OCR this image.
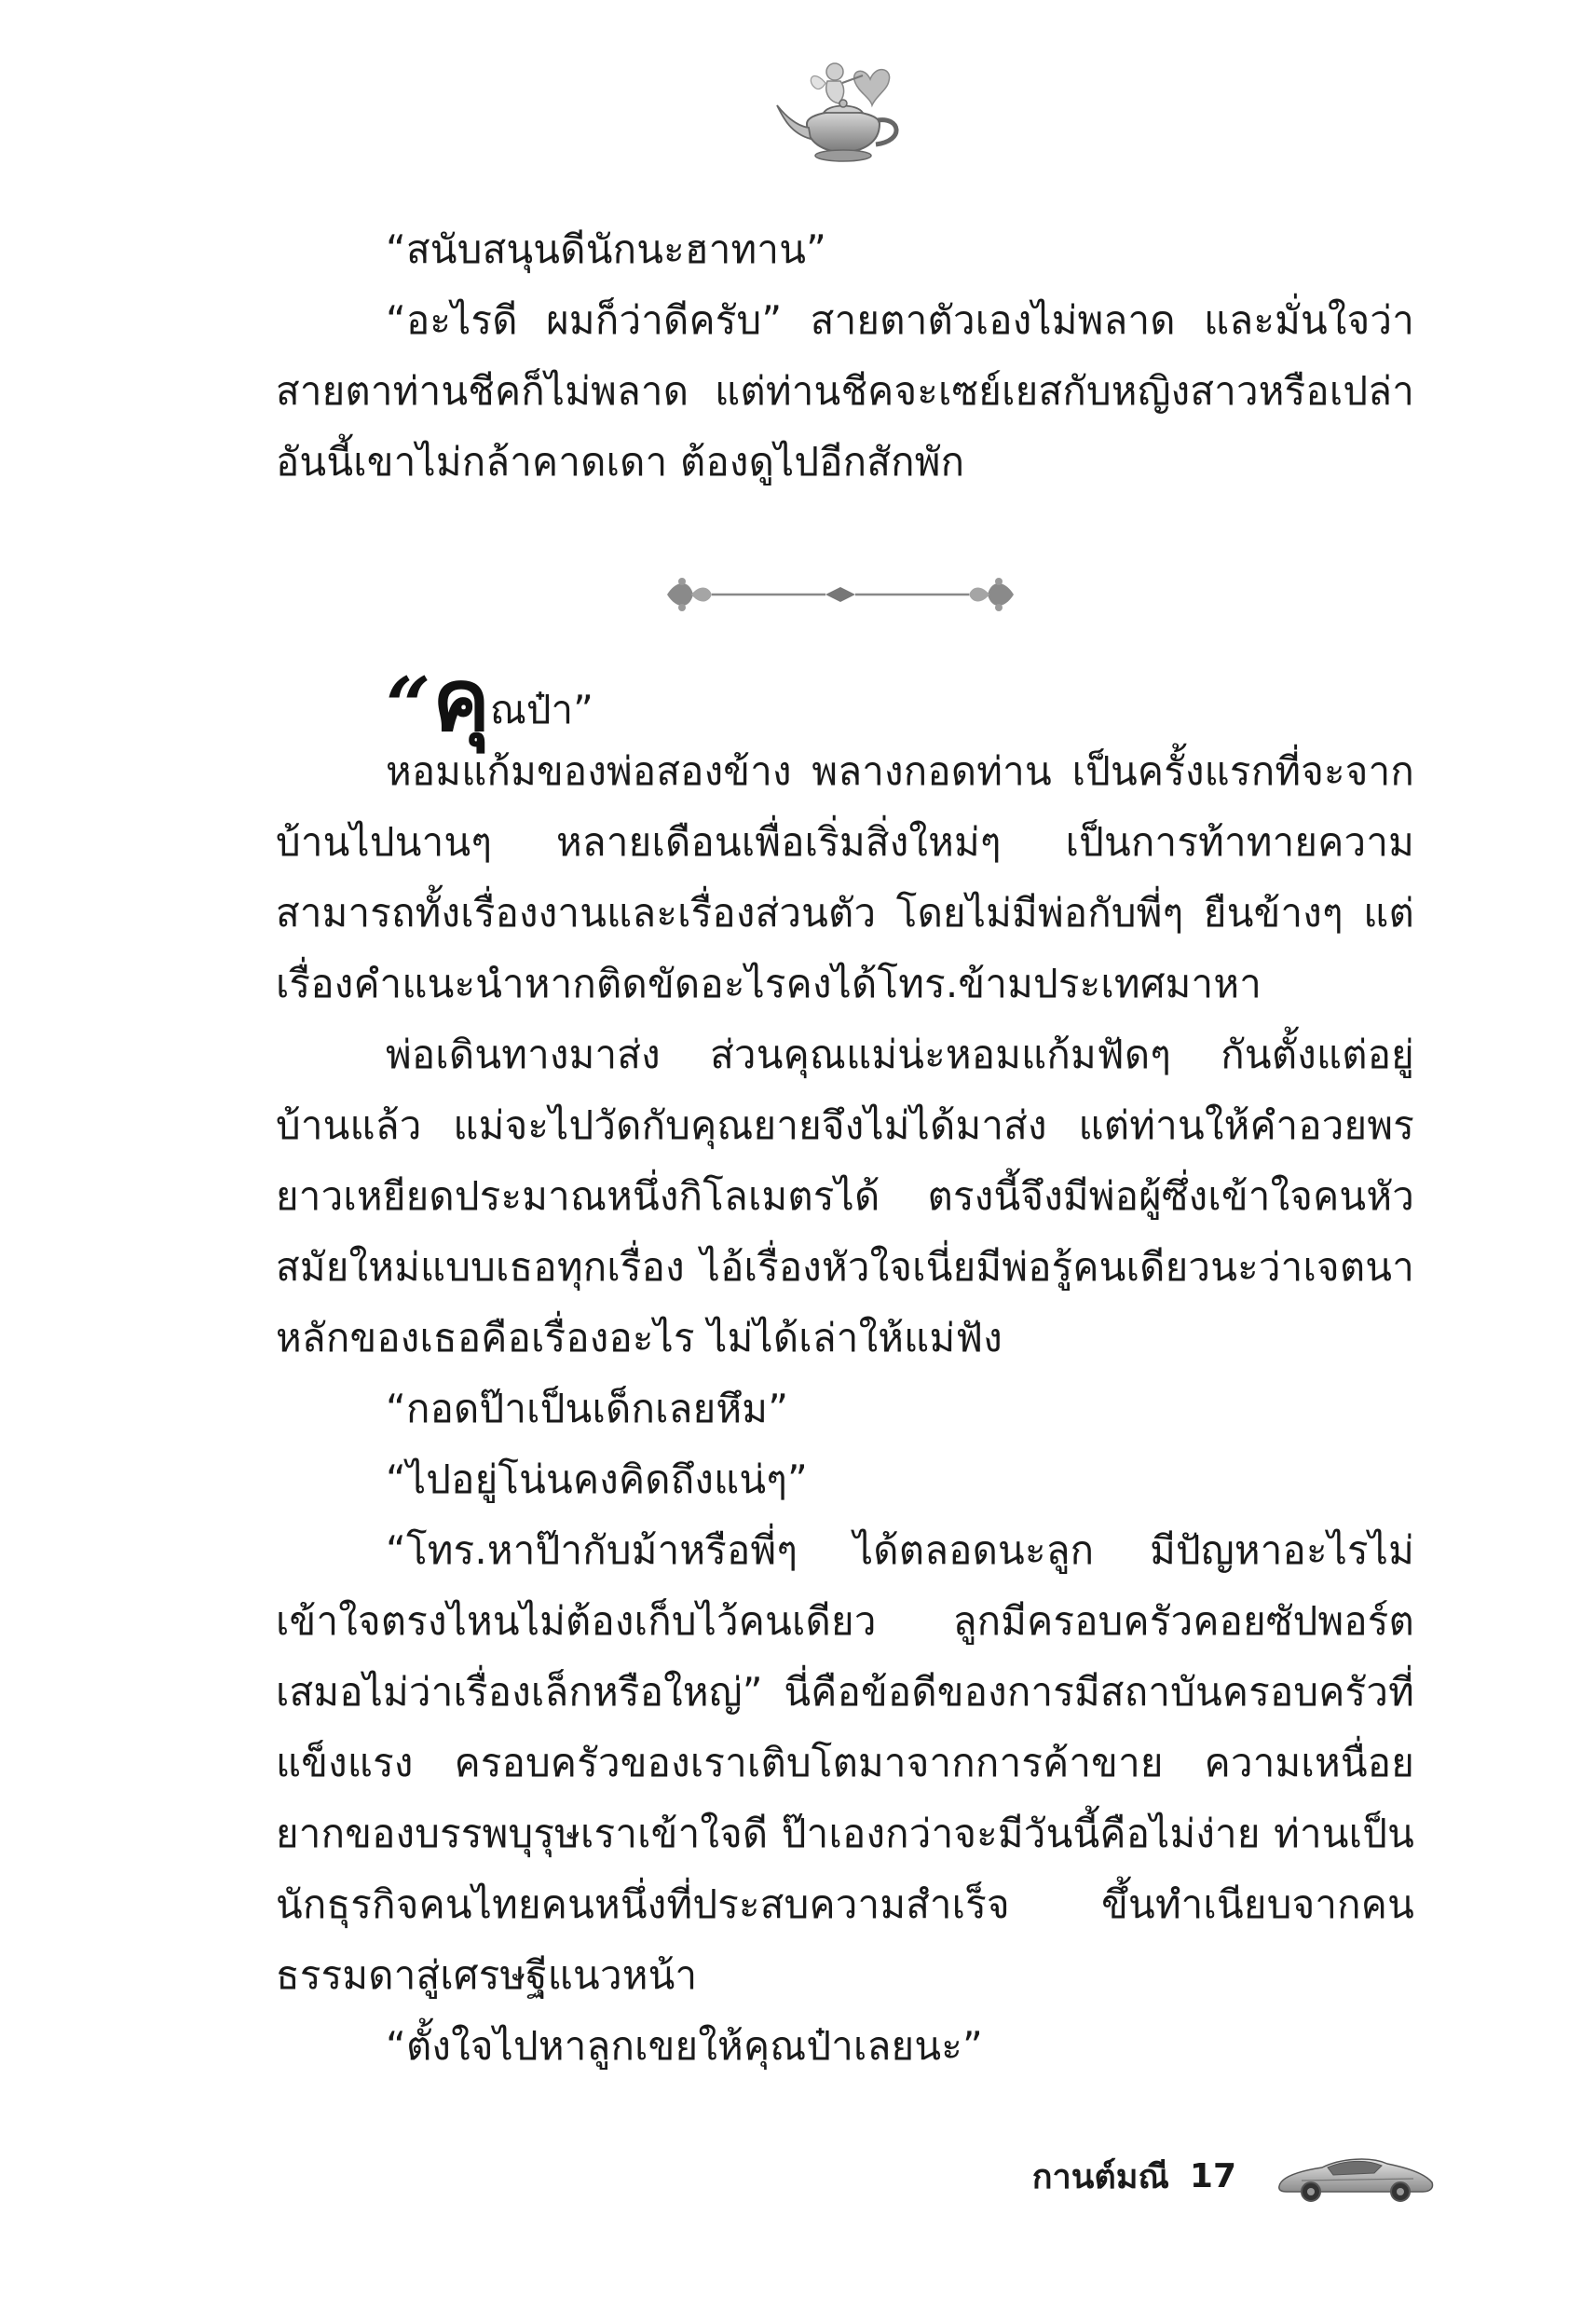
“สนับสนุนดีนักนะฮาทาน”

“อะไรดี ผมก็ว่าดีครับ” สายตาตัวเองไม่พลาด และมั่นใจว่าสายตาท่านชีคก็ไม่พลาด แต่ท่านชีคจะเซย์เยสกับหญิงสาวหรือเปล่าอันนี้เขาไม่กล้าคาดเดา ต้องดูไปอีกสักพัก

“ คุ ณป๋า”

หอมแก้มของพ่อสองข้าง พลางกอดท่าน เป็นครั้งแรกที่จะจากบ้านไปนานๆ หลายเดือนเพื่อเริ่มสิ่งใหม่ๆ เป็นการท้าทายความสามารถทั้งเรื่องงานและเรื่องส่วนตัว โดยไม่มีพ่อกับพี่ๆ ยืนข้างๆ แต่เรื่องคำแนะนำหากติดขัดอะไรคงได้โทร.ข้ามประเทศมาหา

พ่อเดินทางมาส่ง ส่วนคุณแม่น่ะหอมแก้มฟัดๆ กันตั้งแต่อยู่บ้านแล้ว แม่จะไปวัดกับคุณยายจึงไม่ได้มาส่ง แต่ท่านให้คำอวยพรยาวเหยียดประมาณหนึ่งกิโลเมตรได้ ตรงนี้จึงมีพ่อผู้ซึ่งเข้าใจคนหัวสมัยใหม่แบบเธอทุกเรื่อง ไอ้เรื่องหัวใจเนี่ยมีพ่อรู้คนเดียวนะว่าเจตนาหลักของเธอคือเรื่องอะไร ไม่ได้เล่าให้แม่ฟัง

“กอดป๊าเป็นเด็กเลยหึม”

“ไปอยู่โน่นคงคิดถึงแน่ๆ”

“โทร.หาป๊ากับม้าหรือพี่ๆ ได้ตลอดนะลูก มีปัญหาอะไรไม่เข้าใจตรงไหนไม่ต้องเก็บไว้คนเดียว ลูกมีครอบครัวคอยซัปพอร์ตเสมอไม่ว่าเรื่องเล็กหรือใหญ่” นี่คือข้อดีของการมีสถาบันครอบครัวที่แข็งแรง ครอบครัวของเราเติบโตมาจากการค้าขาย ความเหนื่อยยากของบรรพบุรุษเราเข้าใจดี ป๊าเองกว่าจะมีวันนี้คือไม่ง่าย ท่านเป็นนักธุรกิจคนไทยคนหนึ่งที่ประสบความสำเร็จ ขึ้นทำเนียบจากคนธรรมดาสู่เศรษฐีแนวหน้า

“ตั้งใจไปหาลูกเขยให้คุณป๋าเลยนะ”

กานต์มณี 17
